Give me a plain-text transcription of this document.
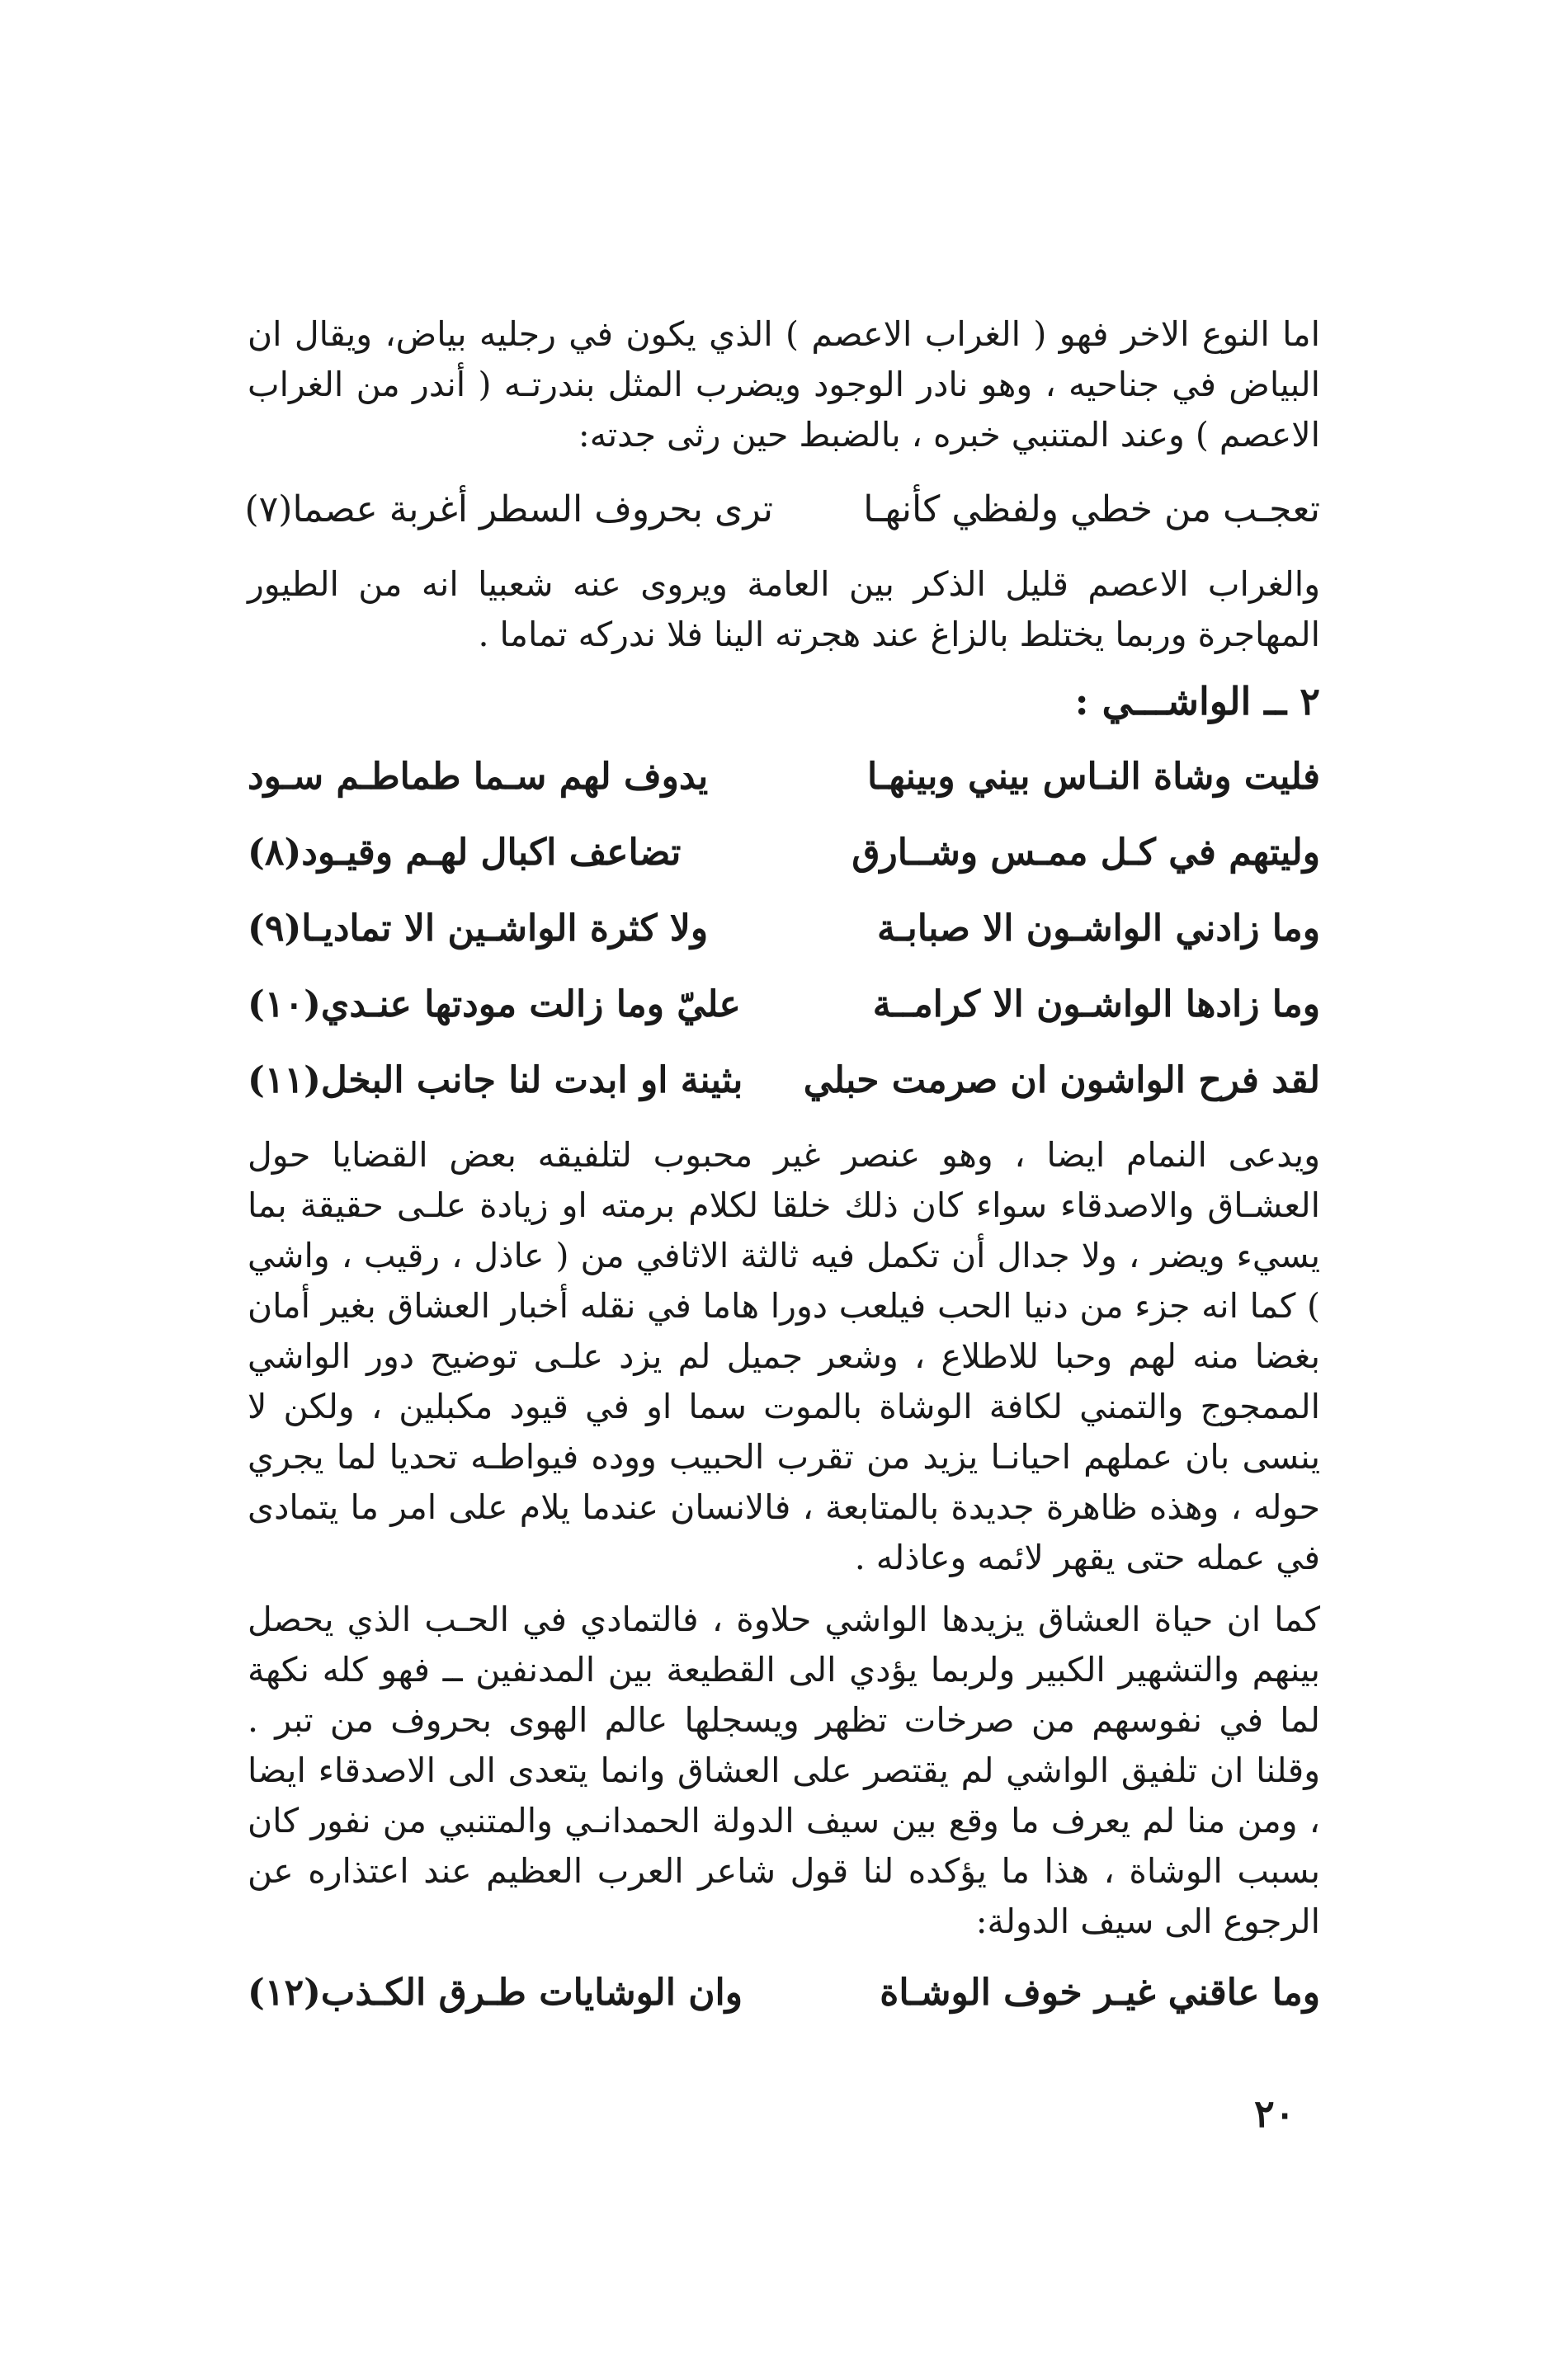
اما النوع الاخر فهو ( الغراب الاعصم ) الذي يكون في رجليه بياض، ويقال ان البياض في جناحيه ، وهو نادر الوجود ويضرب المثل بندرتـه ( أندر من الغراب الاعصم ) وعند المتنبي خبره ، بالضبط حين رثى جدته:

تعجـب من خطي ولفظي كأنهـا
ترى بحروف السطر أغربة عصما(٧)

والغراب الاعصم قليل الذكر بين العامة ويروى عنه شعبيا انه من الطيور المهاجرة وربما يختلط بالزاغ عند هجرته الينا فلا ندركه تماما .

٢ ــ الواشـــي :
فليت وشاة النـاس بيني وبينهـا
يدوف لهم سـما طماطـم سـود
وليتهم في كـل ممـس وشــارق
تضاعف اكبال لهـم وقيـود(٨)
وما زادني الواشـون الا صبابـة
ولا كثرة الواشـين الا تماديـا(٩)
وما زادها الواشـون الا كرامــة
عليّ وما زالت مودتها عنـدي(١٠)
لقد فرح الواشون ان صرمت حبلي
بثينة او ابدت لنا جانب البخل(١١)

ويدعى النمام ايضا ، وهو عنصر غير محبوب لتلفيقه بعض القضايا حول العشـاق والاصدقاء سواء كان ذلك خلقا لكلام برمته او زيادة علـى حقيقة بما يسيء ويضر ، ولا جدال أن تكمل فيه ثالثة الاثافي من ( عاذل ، رقيب ، واشي ) كما انه جزء من دنيا الحب فيلعب دورا هاما في نقله أخبار العشاق بغير أمان بغضا منه لهم وحبا للاطلاع ، وشعر جميل لم يزد علـى توضيح دور الواشي الممجوج والتمني لكافة الوشاة بالموت سما او في قيود مكبلين ، ولكن لا ينسى بان عملهم احيانـا يزيد من تقرب الحبيب ووده فيواطـه تحديا لما يجري حوله ، وهذه ظاهرة جديدة بالمتابعة ، فالانسان عندما يلام على امر ما يتمادى في عمله حتى يقهر لائمه وعاذله .

كما ان حياة العشاق يزيدها الواشي حلاوة ، فالتمادي في الحـب الذي يحصل بينهم والتشهير الكبير ولربما يؤدي الى القطيعة بين المدنفين ــ فهو كله نكهة لما في نفوسهم من صرخات تظهر ويسجلها عالم الهوى بحروف من تبر . وقلنا ان تلفيق الواشي لم يقتصر على العشاق وانما يتعدى الى الاصدقاء ايضا ، ومن منا لم يعرف ما وقع بين سيف الدولة الحمدانـي والمتنبي من نفور كان بسبب الوشاة ، هذا ما يؤكده لنا قول شاعر العرب العظيم عند اعتذاره عن الرجوع الى سيف الدولة:

وما عاقني غيـر خوف الوشـاة
وان الوشايات طـرق الكـذب(١٢)
٢٠
